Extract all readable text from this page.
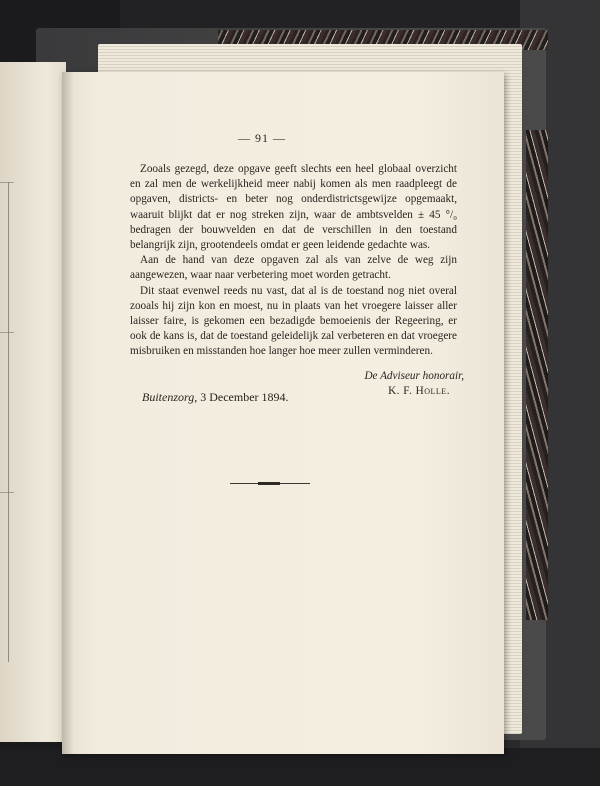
— 91 —

Zooals gezegd, deze opgave geeft slechts een heel globaal overzicht en zal men de werkelijkheid meer nabij komen als men raadpleegt de opgaven, districts- en beter nog onderdistrictsgewijze opgemaakt, waaruit blijkt dat er nog streken zijn, waar de ambtsvelden ± 45 °/₀ bedragen der bouwvelden en dat de verschillen in den toestand belangrijk zijn, grootendeels omdat er geen leidende gedachte was.

Aan de hand van deze opgaven zal als van zelve de weg zijn aangewezen, waar naar verbetering moet worden getracht.

Dit staat evenwel reeds nu vast, dat al is de toestand nog niet overal zooals hij zijn kon en moest, nu in plaats van het vroegere laisser aller laisser faire, is gekomen een bezadigde bemoeienis der Regeering, er ook de kans is, dat de toestand geleidelijk zal verbeteren en dat vroegere misbruiken en misstanden hoe langer hoe meer zullen verminderen.

De Adviseur honorair,
K. F. Holle.
Buitenzorg, 3 December 1894.
